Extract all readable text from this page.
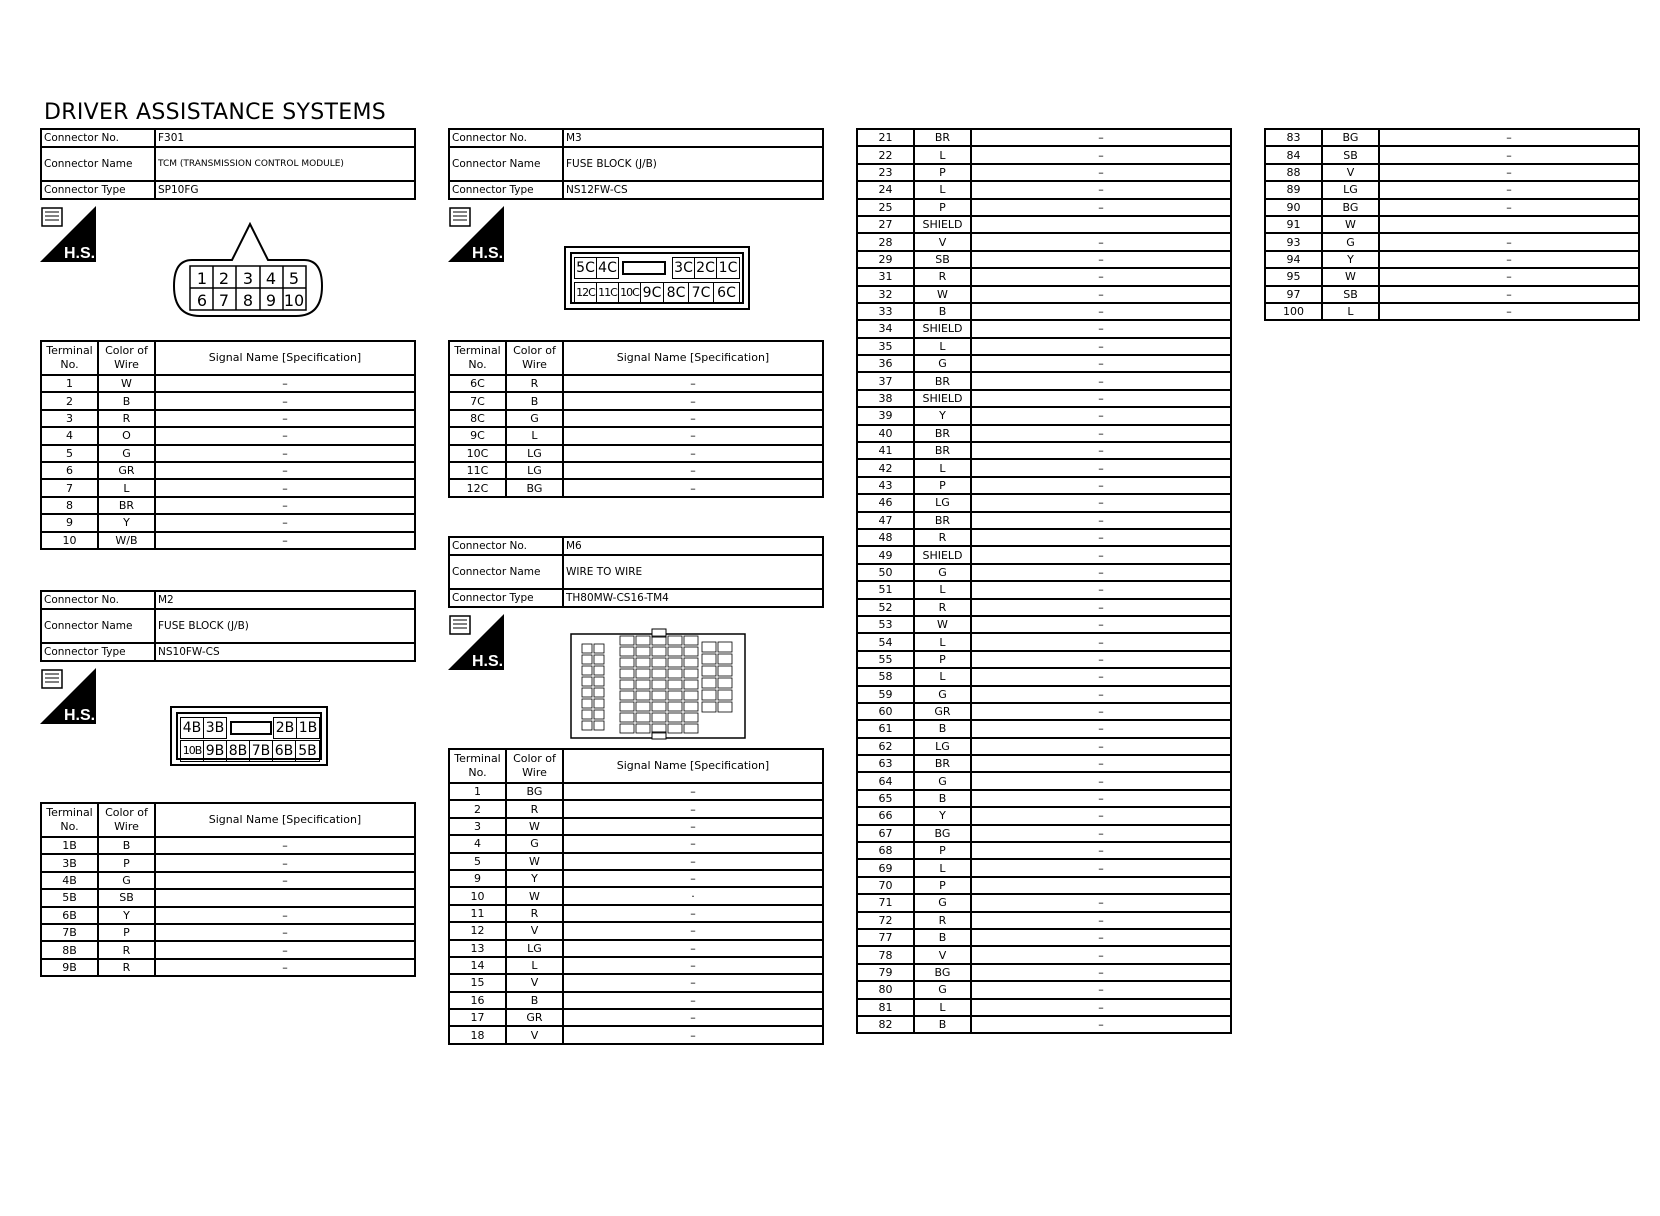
DRIVER ASSISTANCE SYSTEMS
Connector No.	F301
Connector Name	TCM (TRANSMISSION CONTROL MODULE)
Connector Type	SP10FG
H.S.
1 2 3 4 5
6 7 8 9 10
Terminal No.	Color of Wire	Signal Name [Specification]
1	W	–
2	B	–
3	R	–
4	O	–
5	G	–
6	GR	–
7	L	–
8	BR	–
9	Y	–
10	W/B	–
Connector No.	M2
Connector Name	FUSE BLOCK (J/B)
Connector Type	NS10FW-CS
H.S.
4B 3B	2B 1B
10B 9B 8B 7B 6B 5B
Terminal No.	Color of Wire	Signal Name [Specification]
1B	B	–
3B	P	–
4B	G	–
5B	SB	
6B	Y	–
7B	P	–
8B	R	–
9B	R	–
Connector No.	M3
Connector Name	FUSE BLOCK (J/B)
Connector Type	NS12FW-CS
H.S.
5C 4C	3C 2C 1C
12C 11C 10C 9C 8C 7C 6C
Terminal No.	Color of Wire	Signal Name [Specification]
6C	R	–
7C	B	–
8C	G	–
9C	L	–
10C	LG	–
11C	LG	–
12C	BG	–
Connector No.	M6
Connector Name	WIRE TO WIRE
Connector Type	TH80MW-CS16-TM4
H.S.
Terminal No.	Color of Wire	Signal Name [Specification]
1	BG	–
2	R	–
3	W	–
4	G	–
5	W	–
9	Y	–
10	W	·
11	R	–
12	V	–
13	LG	–
14	L	–
15	V	–
16	B	–
17	GR	–
18	V	–
21	BR	–
22	L	–
23	P	–
24	L	–
25	P	–
27	SHIELD	
28	V	–
29	SB	–
31	R	–
32	W	–
33	B	–
34	SHIELD	–
35	L	–
36	G	–
37	BR	–
38	SHIELD	–
39	Y	–
40	BR	–
41	BR	–
42	L	–
43	P	–
46	LG	–
47	BR	–
48	R	–
49	SHIELD	–
50	G	–
51	L	–
52	R	–
53	W	–
54	L	–
55	P	–
58	L	–
59	G	–
60	GR	–
61	B	–
62	LG	–
63	BR	–
64	G	–
65	B	–
66	Y	–
67	BG	–
68	P	–
69	L	–
70	P	
71	G	–
72	R	–
77	B	–
78	V	–
79	BG	–
80	G	–
81	L	–
82	B	–
83	BG	–
84	SB	–
88	V	–
89	LG	–
90	BG	–
91	W	
93	G	–
94	Y	–
95	W	–
97	SB	–
100	L	–
